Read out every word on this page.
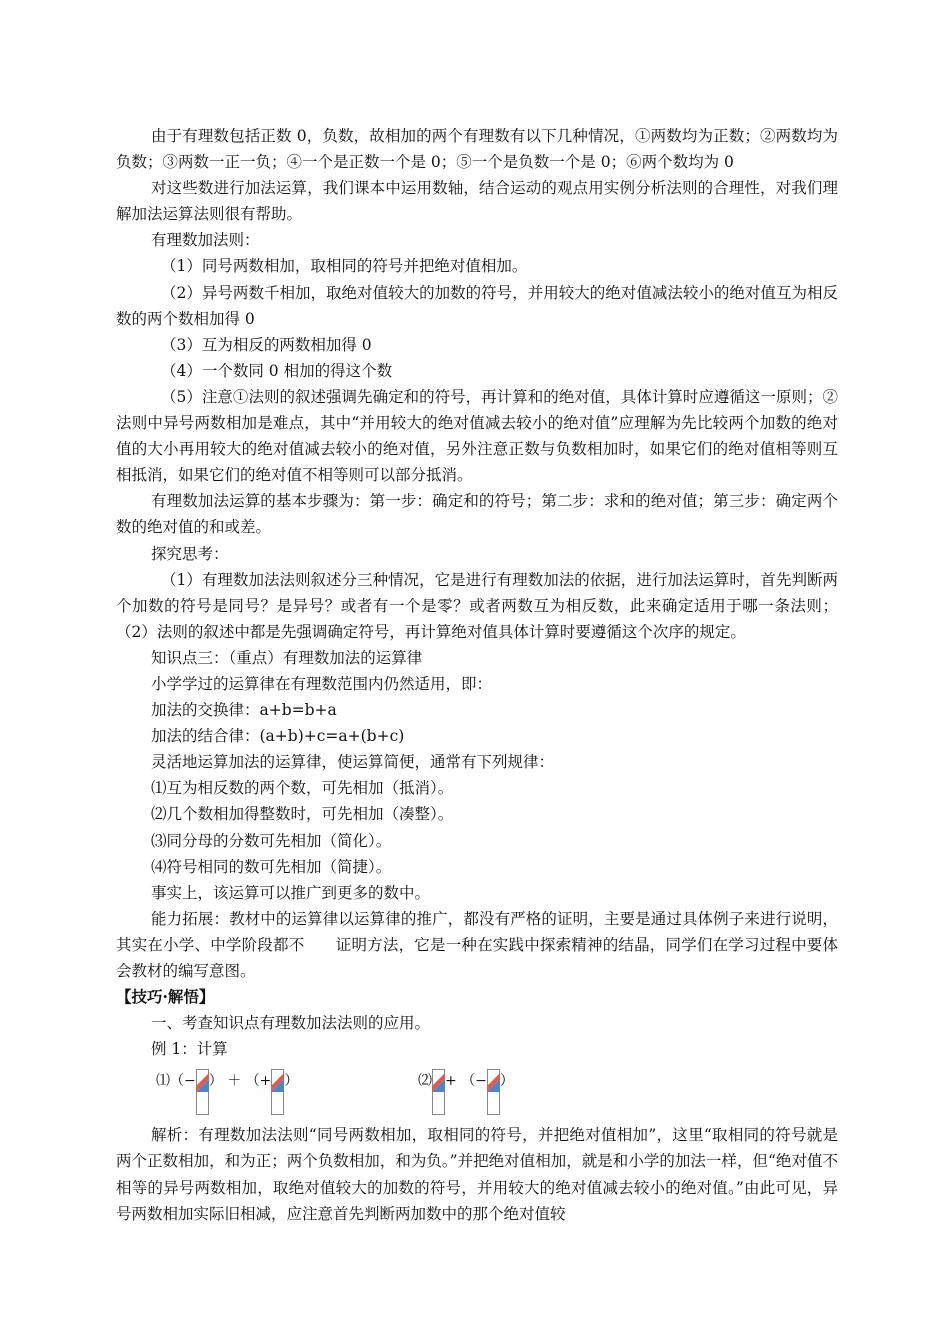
由于有理数包括正数 0，负数，故相加的两个有理数有以下几种情况，①两数均为正数；②两数均为负数；③两数一正一负；④一个是正数一个是 0；⑤一个是负数一个是 0；⑥两个数均为 0

对这些数进行加法运算，我们课本中运用数轴，结合运动的观点用实例分析法则的合理性，对我们理解加法运算法则很有帮助。

有理数加法则：

（1）同号两数相加，取相同的符号并把绝对值相加。

（2）异号两数千相加，取绝对值较大的加数的符号，并用较大的绝对值减法较小的绝对值互为相反数的两个数相加得 0

（3）互为相反的两数相加得 0

（4）一个数同 0 相加的得这个数

（5）注意①法则的叙述强调先确定和的符号，再计算和的绝对值，具体计算时应遵循这一原则；②法则中异号两数相加是难点，其中“并用较大的绝对值减去较小的绝对值”应理解为先比较两个加数的绝对值的大小再用较大的绝对值减去较小的绝对值，另外注意正数与负数相加时，如果它们的绝对值相等则互相抵消，如果它们的绝对值不相等则可以部分抵消。

有理数加法运算的基本步骤为：第一步：确定和的符号；第二步：求和的绝对值；第三步：确定两个数的绝对值的和或差。

探究思考：

（1）有理数加法法则叙述分三种情况，它是进行有理数加法的依据，进行加法运算时，首先判断两个加数的符号是同号？是异号？或者有一个是零？或者两数互为相反数，此来确定适用于哪一条法则；（2）法则的叙述中都是先强调确定符号，再计算绝对值具体计算时要遵循这个次序的规定。

知识点三：（重点）有理数加法的运算律

小学学过的运算律在有理数范围内仍然适用，即：

加法的交换律：a+b=b+a

加法的结合律：(a+b)+c=a+(b+c)

灵活地运算加法的运算律，使运算简便，通常有下列规律：

⑴互为相反数的两个数，可先相加（抵消）。

⑵几个数相加得整数时，可先相加（凑整）。

⑶同分母的分数可先相加（简化）。

⑷符号相同的数可先相加（简捷）。

事实上，该运算可以推广到更多的数中。

能力拓展：教材中的运算律以运算律的推广，都没有严格的证明，主要是通过具体例子来进行说明，其实在小学、中学阶段都不　　证明方法，它是一种在实践中探索精神的结晶，同学们在学习过程中要体会教材的编写意图。

【技巧·解悟】

一、考查知识点有理数加法法则的应用。

例 1：计算

⑴（− ） ＋ （+ ）	⑵ + （− ）

解析：有理数加法法则“同号两数相加，取相同的符号，并把绝对值相加”，这里“取相同的符号就是两个正数相加，和为正；两个负数相加，和为负。”并把绝对值相加，就是和小学的加法一样，但“绝对值不相等的异号两数相加，取绝对值较大的加数的符号，并用较大的绝对值减去较小的绝对值。”由此可见，异号两数相加实际旧相减，应注意首先判断两加数中的那个绝对值较
